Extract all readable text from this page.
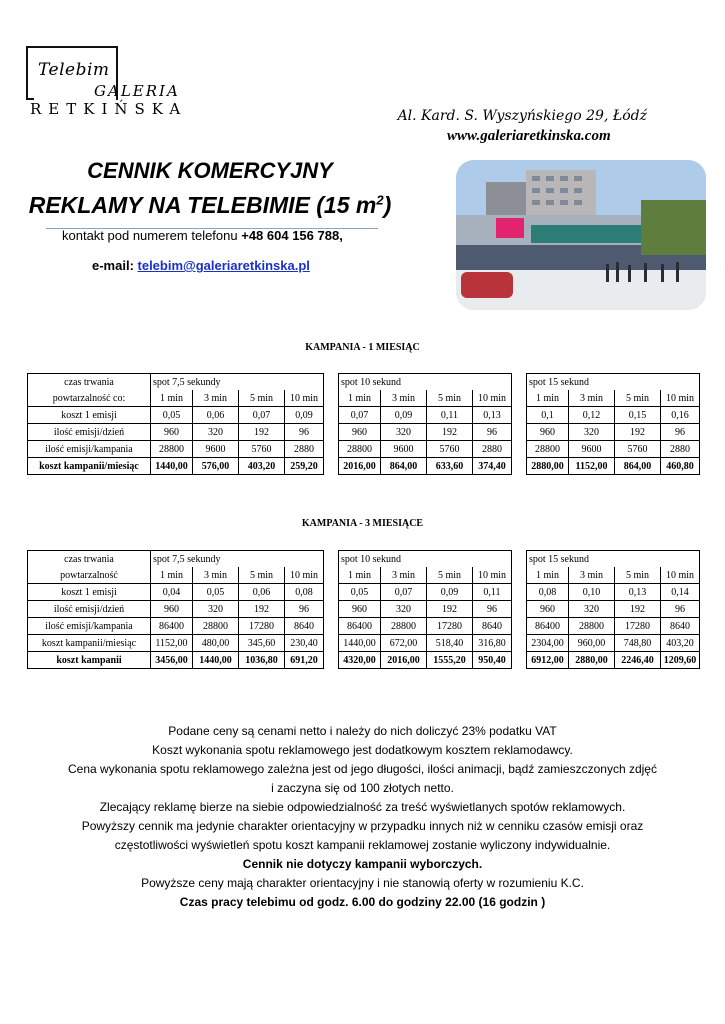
Telebim
GALERIA
RETKIŃSKA	Al. Kard. S. Wyszyńskiego 29, Łódź
www.galeriaretkinska.com
CENNIK KOMERCYJNY
REKLAMY NA TELEBIMIE (15 $m^2$)
kontakt pod numerem telefonu +48 604 156 788,
e-mail: telebim@galeriaretkinska.pl
KAMPANIA - 1 MIESIĄC
czas trwania	spot 7,5 sekundy					spot 10 sekund					spot 15 sekund			
powtarzalność co:	1 min	3 min	5 min	10 min		1 min	3 min	5 min	10 min		1 min	3 min	5 min	10 min
koszt 1 emisji	0,05	0,06	0,07	0,09		0,07	0,09	0,11	0,13		0,1	0,12	0,15	0,16
ilość emisji/dzień	960	320	192	96		960	320	192	96		960	320	192	96
ilość emisji/kampania	28800	9600	5760	2880		28800	9600	5760	2880		28800	9600	5760	2880
koszt kampanii/miesiąc	1440,00	576,00	403,20	259,20		2016,00	864,00	633,60	374,40		2880,00	1152,00	864,00	460,80
KAMPANIA - 3 MIESIĄCE
czas trwania	spot 7,5 sekundy					spot 10 sekund					spot 15 sekund			
powtarzalność	1 min	3 min	5 min	10 min		1 min	3 min	5 min	10 min		1 min	3 min	5 min	10 min
koszt 1 emisji	0,04	0,05	0,06	0,08		0,05	0,07	0,09	0,11		0,08	0,10	0,13	0,14
ilość emisji/dzień	960	320	192	96		960	320	192	96		960	320	192	96
ilość emisji/kampania	86400	28800	17280	8640		86400	28800	17280	8640		86400	28800	17280	8640
koszt kampanii/miesiąc	1152,00	480,00	345,60	230,40		1440,00	672,00	518,40	316,80		2304,00	960,00	748,80	403,20
koszt kampanii	3456,00	1440,00	1036,80	691,20		4320,00	2016,00	1555,20	950,40		6912,00	2880,00	2246,40	1209,60

Podane ceny są cenami netto i należy do nich doliczyć 23% podatku VAT

Koszt wykonania spotu reklamowego jest dodatkowym kosztem reklamodawcy.

Cena wykonania spotu reklamowego zależna jest od jego długości, ilości animacji, bądź zamieszczonych zdjęć

i zaczyna się od 100 złotych netto.

Zlecający reklamę bierze na siebie odpowiedzialność za treść wyświetlanych spotów reklamowych.

Powyższy cennik ma jedynie charakter orientacyjny w przypadku innych niż w cenniku czasów emisji oraz

częstotliwości wyświetleń spotu koszt kampanii reklamowej zostanie wyliczony indywidualnie.

Cennik nie dotyczy kampanii wyborczych.

Powyższe ceny mają charakter orientacyjny i nie stanowią oferty w rozumieniu K.C.

Czas pracy telebimu od godz. 6.00 do godziny 22.00 (16 godzin )
